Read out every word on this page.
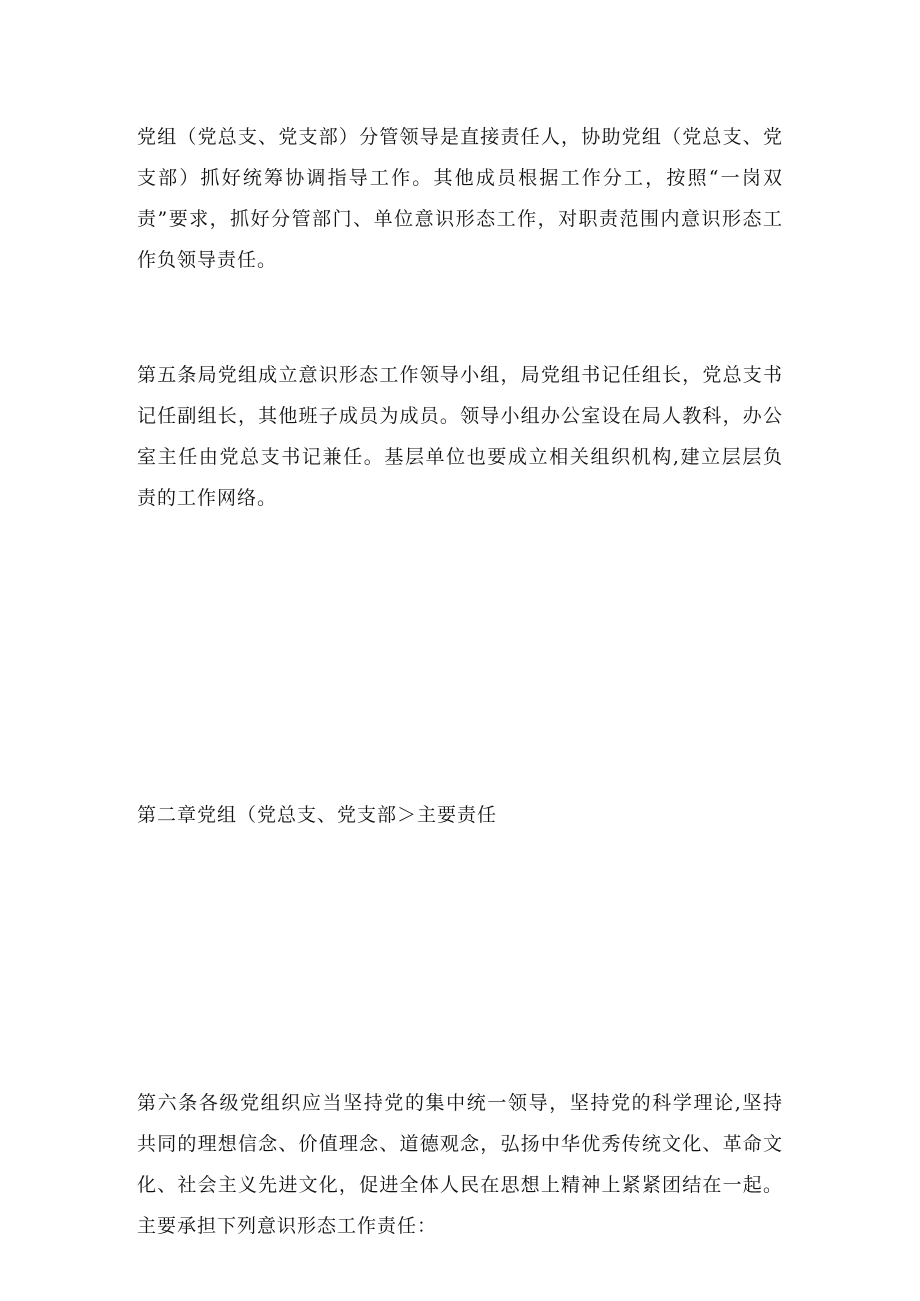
党组（党总支、党支部）分管领导是直接责任人，协助党组（党总支、党
支部）抓好统筹协调指导工作。其他成员根据工作分工，按照“一岗双
责”要求，抓好分管部门、单位意识形态工作，对职责范围内意识形态工
作负领导责任。

第五条局党组成立意识形态工作领导小组，局党组书记任组长，党总支书
记任副组长，其他班子成员为成员。领导小组办公室设在局人教科，办公
室主任由党总支书记兼任。基层单位也要成立相关组织机构,建立层层负
责的工作网络。

第二章党组（党总支、党支部＞主要责任

第六条各级党组织应当坚持党的集中统一领导，坚持党的科学理论,坚持
共同的理想信念、价值理念、道德观念，弘扬中华优秀传统文化、革命文
化、社会主义先进文化，促进全体人民在思想上精神上紧紧团结在一起。
主要承担下列意识形态工作责任：
